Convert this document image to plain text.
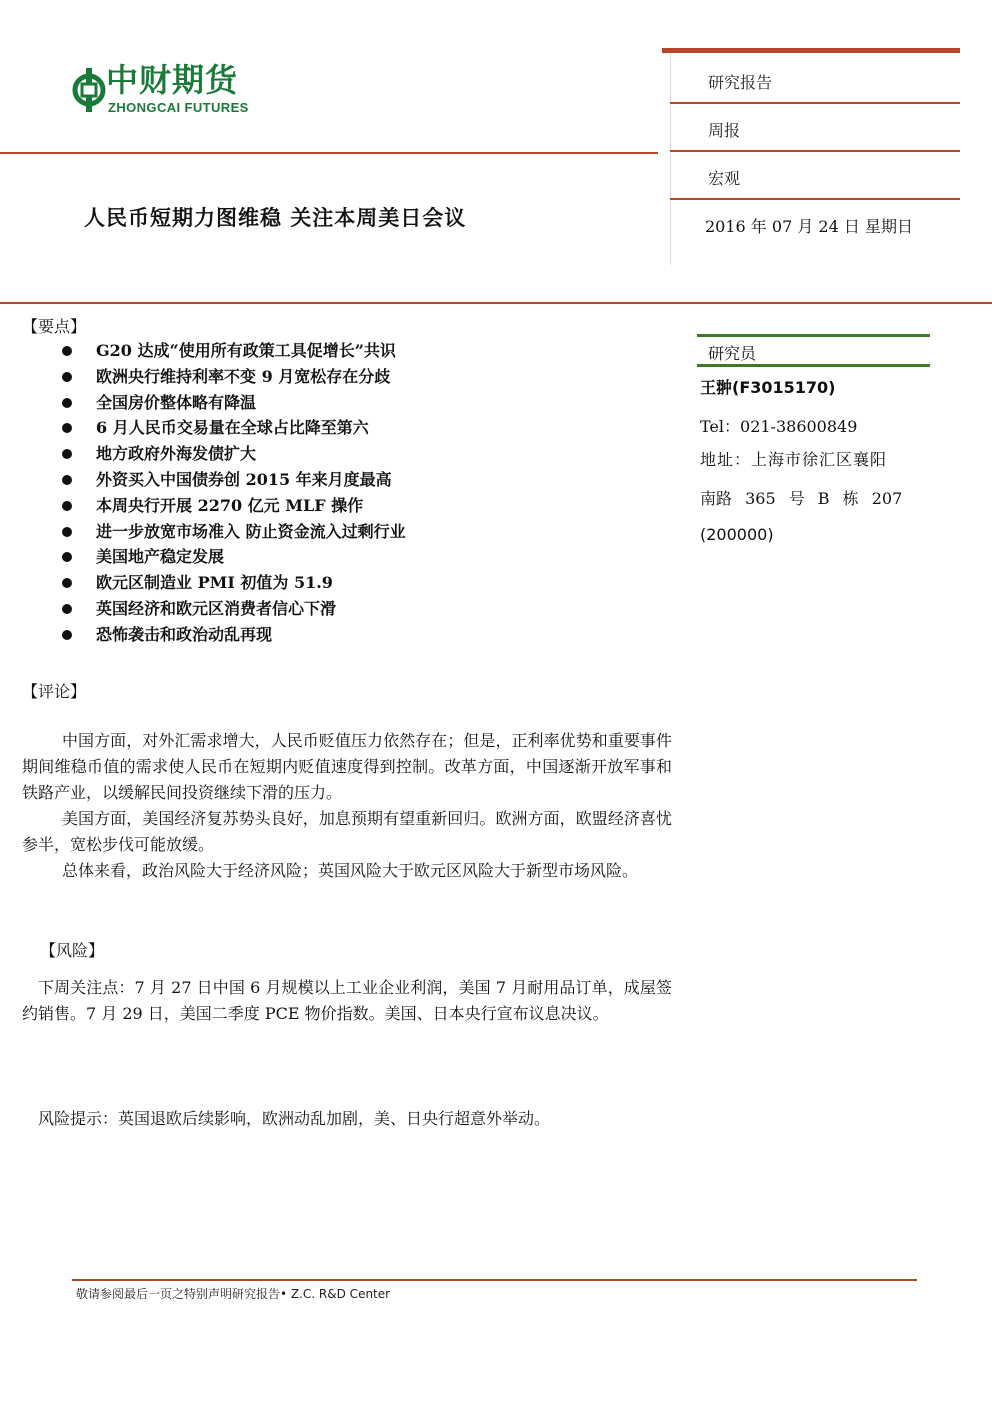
中财期货
ZHONGCAI FUTURES
研究报告
周报
宏观
2016 年 07 月 24 日 星期日
人民币短期力图维稳 关注本周美日会议
【要点】
G20 达成“使用所有政策工具促增长”共识
欧洲央行维持利率不变 9 月宽松存在分歧
全国房价整体略有降温
6 月人民币交易量在全球占比降至第六
地方政府外海发债扩大
外资买入中国债券创 2015 年来月度最高
本周央行开展 2270 亿元 MLF 操作
进一步放宽市场准入 防止资金流入过剩行业
美国地产稳定发展
欧元区制造业 PMI 初值为 51.9
英国经济和欧元区消费者信心下滑
恐怖袭击和政治动乱再现
研究员
王翀(F3015170)
Tel：021-38600849
地址：上海市徐汇区襄阳
南路 365 号 B 栋 207
(200000)
【评论】

中国方面，对外汇需求增大，人民币贬值压力依然存在；但是，正利率优势和重要事件期间维稳币值的需求使人民币在短期内贬值速度得到控制。改革方面，中国逐渐开放军事和铁路产业，以缓解民间投资继续下滑的压力。

美国方面，美国经济复苏势头良好，加息预期有望重新回归。欧洲方面，欧盟经济喜忧参半，宽松步伐可能放缓。

总体来看，政治风险大于经济风险；英国风险大于欧元区风险大于新型市场风险。

【风险】

下周关注点：7 月 27 日中国 6 月规模以上工业企业利润，美国 7 月耐用品订单，成屋签约销售。7 月 29 日，美国二季度 PCE 物价指数。美国、日本央行宣布议息决议。

风险提示：英国退欧后续影响，欧洲动乱加剧，美、日央行超意外举动。
敬请参阅最后一页之特别声明研究报告• Z.C. R&D Center
